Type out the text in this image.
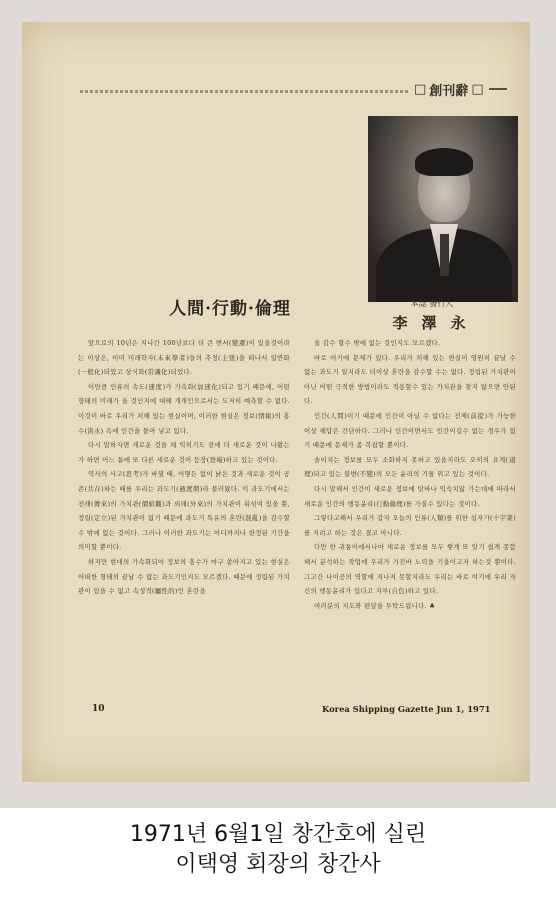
□ 創刊辭 □
人間·行動·倫理	本誌 發行人
李澤永

앞으로의 10년은 지나간 100년보다 더 큰 변서(變遷)이 있을것이라는 이상은, 이미 미래학자(未來學者)들의 추정(主張)을 떠나서 일반화(一般化)되었고 상식화(常識化)되었다.

이만큼 인류의 속도(速度)가 가속화(加速化)되고 있기 때문에, 어떤 형태의 미래가 올 것인지에 대해 개개인으로서는 도저히 예측할 수 없다. 이것이 바로 우리가 처해 있는 현실이며, 이러한 현실은 정보(情報)의 홍수(洪水) 속에 인간을 몰아 넣고 있다.

다시 말하자면 새로운 것을 채 익히기도 전에 더 새로운 것이 나왔는가 하면 어느 틈에 또 다른 새로운 것이 등장(登場)하고 있는 것이다.

역사의 사고(思考)가 바뀔 때, 어떻든 없이 낡은 것과 새로운 것이 공존(共存)하는 때를 우리는 과도기(過渡期)라 불러왔다. 이 과도기에서는 전래(傳來)의 가치관(價値觀)과 외래(外來)의 가치관이 뒤섞여 있을 뿐, 정립(定立)된 가치관이 없기 때문에 과도기 특유의 혼란(混亂)을 감수할 수 밖에 없는 것이다. 그러나 이러한 과도기는 어디까지나 한정된 기간을 의미할 뿐이다.

하지만 현대의 가속화되어 정보의 홍수가 마구 쏟아지고 있는 현실은 어떠한 형태의 끝날 수 없는 과도기인지도 모르겠다. 때문에 정립된 가치관이 있을 수 없고 속성적(屬性的)인 혼란을

올 감수 할수 밖에 없는 것인지도 모르겠다.

바로 여기에 문제가 있다. 우리가 처해 있는 현실이 영원히 끝날 수 없는 과도기 일지라도 더이상 혼란을 감수할 수는 없다. 정립된 가치관이 아닌 어떤 극적한 방법이라도 적용할수 있는 가치관을 찾지 않으면 안된다.

인간(人間)이기 때문에 인간이 아닐 수 없다는 전제(前提)가 가능한 이상 해답은 간단하다. 그러나 인간이면서도 인간이길수 없는 경우가 있기 때문에 문제가 좀 복잡할 뿐이다.

솔이지는 정보를 모두 소화하지 못하고 있을지라도 오히의 요계(道理)되고 있는 불변(不變)의 모든 윤리의 기틀 위고 있는 것이다.

다시 말해서 인간이 새로운 정보에 탓바나 익숙치않 가는데에 따라서 새로운 인간의 행동윤리(行動倫理)를 가질수 있다는 것이다.

그렇다고해서 우리가 갑자 오늘의 인류(人類)를 위한 십자가(十字架)를 지려고 하는 것은 결코 아니다.

다만 한 귀퉁이에서나마 새로운 정보를 모두 쌓게 또 알기 쉽게 종합해서 분석하는 작업에 우리가 가진바 노력을 기울이고자 하는것 뿐이다. 그고간 나이공의 역할에 지나지 못할지라도 우리는 바로 여기에 우리 자신의 행동윤리가 있다고 자부(自負)하고 있다.

여러분의 지도와 편달을 투탁드립니다. ♣

10	Korea Shipping Gazette Jun 1, 1971
1971년 6월1일 창간호에 실린
이택영 회장의 창간사
